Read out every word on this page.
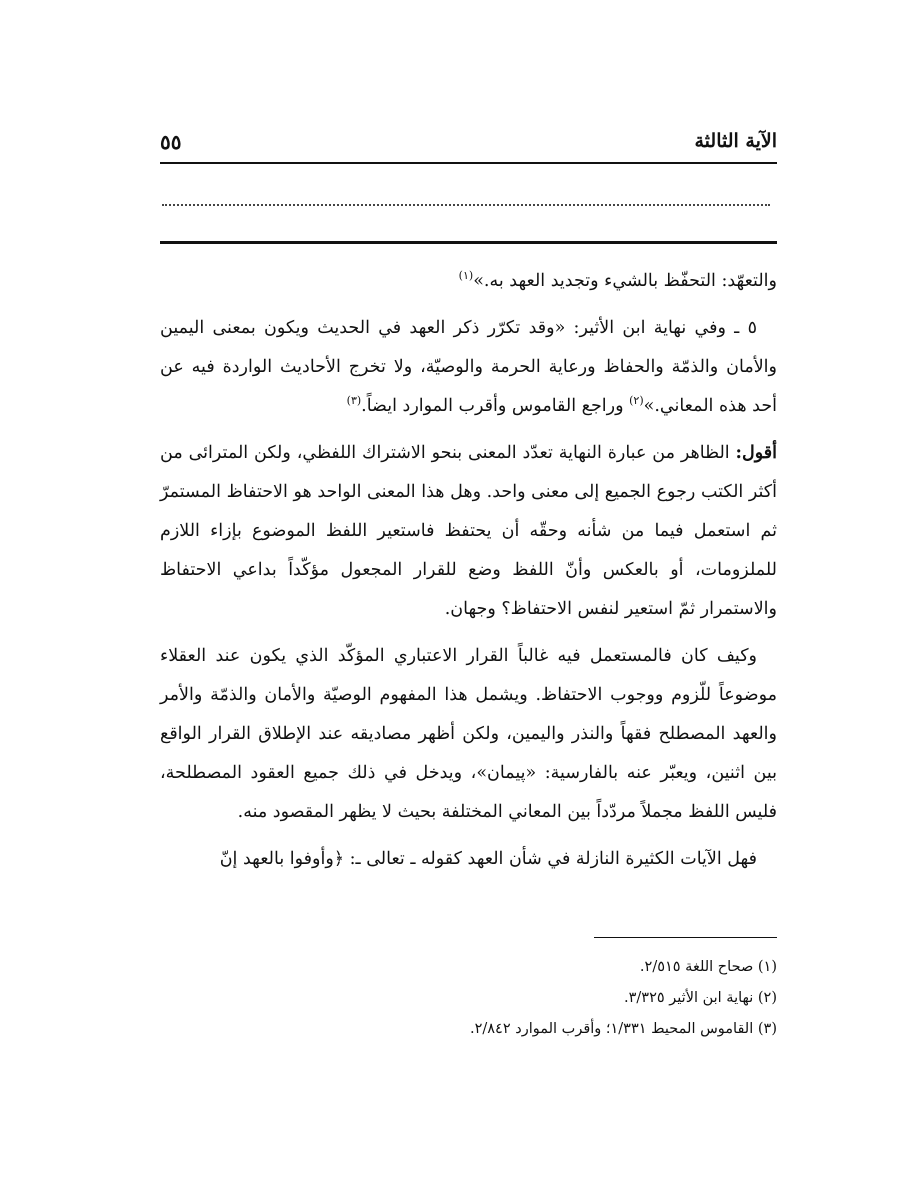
الآية الثالثة
٥٥

والتعهّد: التحفّظ بالشيء وتجديد العهد به.»$^{(١)}$

٥ ـ وفي نهاية ابن الأثير: «وقد تكرّر ذكر العهد في الحديث ويكون بمعنى اليمين والأمان والذمّة والحفاظ ورعاية الحرمة والوصيّة، ولا تخرج الأحاديث الواردة فيه عن أحد هذه المعاني.»$^{(٢)}$ وراجع القاموس وأقرب الموارد ايضاً.$^{(٣)}$

أقول: الظاهر من عبارة النهاية تعدّد المعنى بنحو الاشتراك اللفظي، ولكن المترائى من أكثر الكتب رجوع الجميع إلى معنى واحد. وهل هذا المعنى الواحد هو الاحتفاظ المستمرّ ثم استعمل فيما من شأنه وحقّه أن يحتفظ فاستعير اللفظ الموضوع بإزاء اللازم للملزومات، أو بالعكس وأنّ اللفظ وضع للقرار المجعول مؤكّداً بداعي الاحتفاظ والاستمرار ثمّ استعير لنفس الاحتفاظ؟ وجهان.

وكيف كان فالمستعمل فيه غالباً القرار الاعتباري المؤكّد الذي يكون عند العقلاء موضوعاً للّزوم ووجوب الاحتفاظ. ويشمل هذا المفهوم الوصيّة والأمان والذمّة والأمر والعهد المصطلح فقهاً والنذر واليمين، ولكن أظهر مصاديقه عند الإطلاق القرار الواقع بين اثنين، ويعبّر عنه بالفارسية: «پيمان»، ويدخل في ذلك جميع العقود المصطلحة، فليس اللفظ مجملاً مردّداً بين المعاني المختلفة بحيث لا يظهر المقصود منه.

فهل الآيات الكثيرة النازلة في شأن العهد كقوله ـ تعالى ـ: ﴿وأوفوا بالعهد إنّ

(١) صحاح اللغة ٢/٥١٥.
(٢) نهاية ابن الأثير ٣/٣٢٥.
(٣) القاموس المحيط ١/٣٣١؛ وأقرب الموارد ٢/٨٤٢.
